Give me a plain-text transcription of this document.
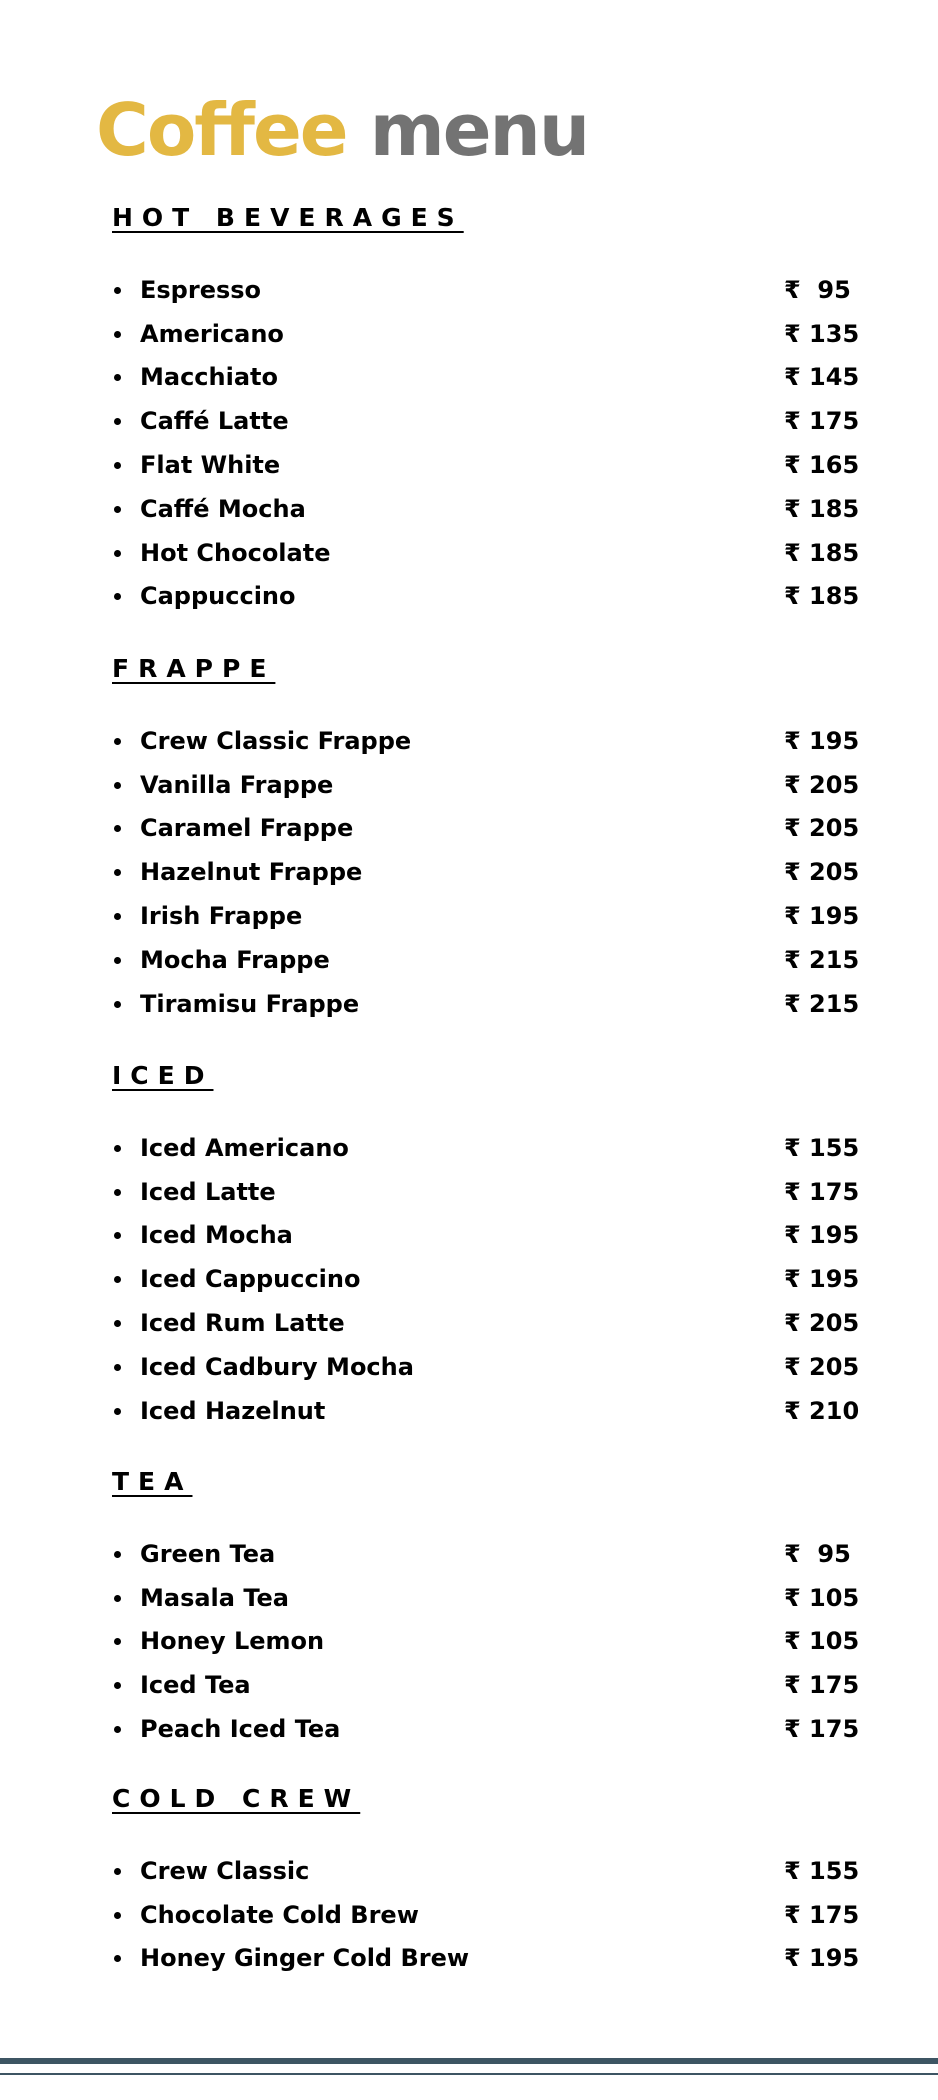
Coffee menu
HOT BEVERAGES
Espresso	₹  95
Americano	₹ 135
Macchiato	₹ 145
Caffé Latte	₹ 175
Flat White	₹ 165
Caffé Mocha	₹ 185
Hot Chocolate	₹ 185
Cappuccino	₹ 185
FRAPPE
Crew Classic Frappe	₹ 195
Vanilla Frappe	₹ 205
Caramel Frappe	₹ 205
Hazelnut Frappe	₹ 205
Irish Frappe	₹ 195
Mocha Frappe	₹ 215
Tiramisu Frappe	₹ 215
ICED
Iced Americano	₹ 155
Iced Latte	₹ 175
Iced Mocha	₹ 195
Iced Cappuccino	₹ 195
Iced Rum Latte	₹ 205
Iced Cadbury Mocha	₹ 205
Iced Hazelnut	₹ 210
TEA
Green Tea	₹  95
Masala Tea	₹ 105
Honey Lemon	₹ 105
Iced Tea	₹ 175
Peach Iced Tea	₹ 175
COLD CREW
Crew Classic	₹ 155
Chocolate Cold Brew	₹ 175
Honey Ginger Cold Brew	₹ 195
